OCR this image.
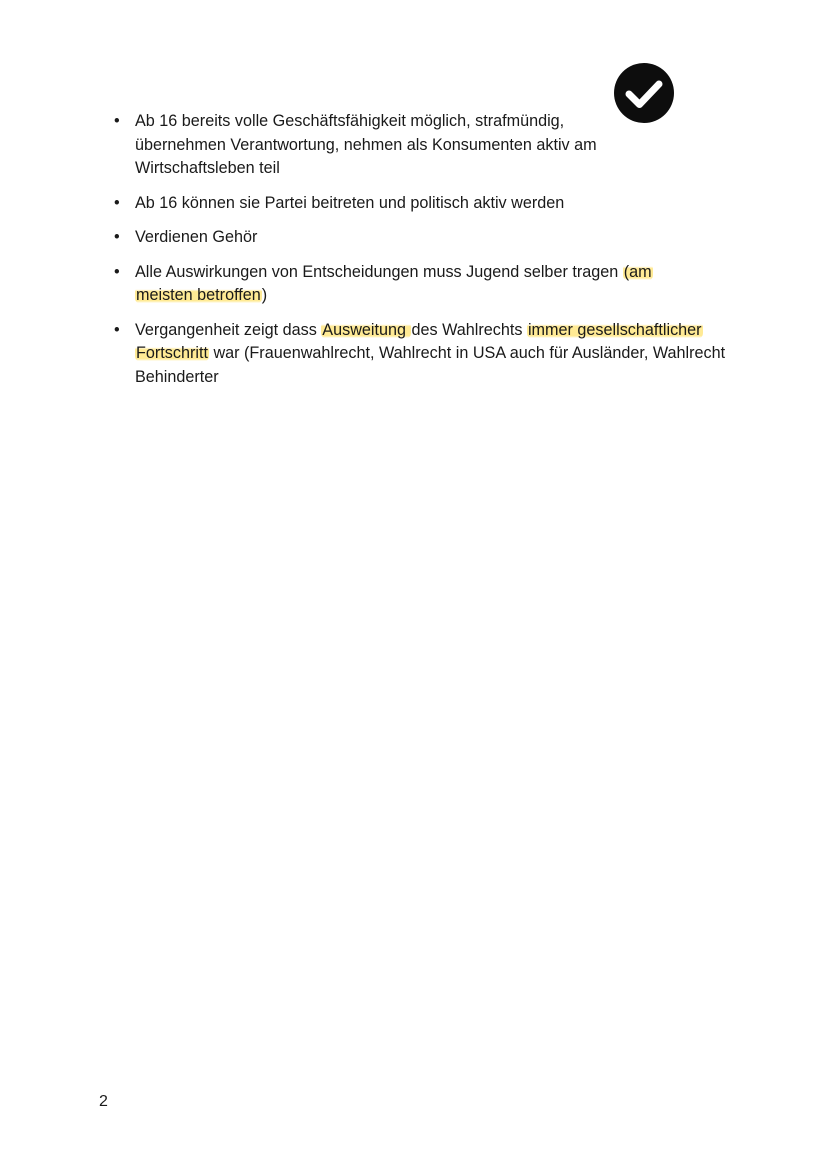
• Ab 16 bereits volle Geschäftsfähigkeit möglich, strafmündig, übernehmen Verantwortung, nehmen als Konsumenten aktiv am Wirtschaftsleben teil
• Ab 16 können sie Partei beitreten und politisch aktiv werden
• Verdienen Gehör
• Alle Auswirkungen von Entscheidungen muss Jugend selber tragen (am meisten betroffen)
• Vergangenheit zeigt dass Ausweitung des Wahlrechts immer gesellschaftlicher Fortschritt war (Frauenwahlrecht, Wahlrecht in USA auch für Ausländer, Wahlrecht Behinderter
2
